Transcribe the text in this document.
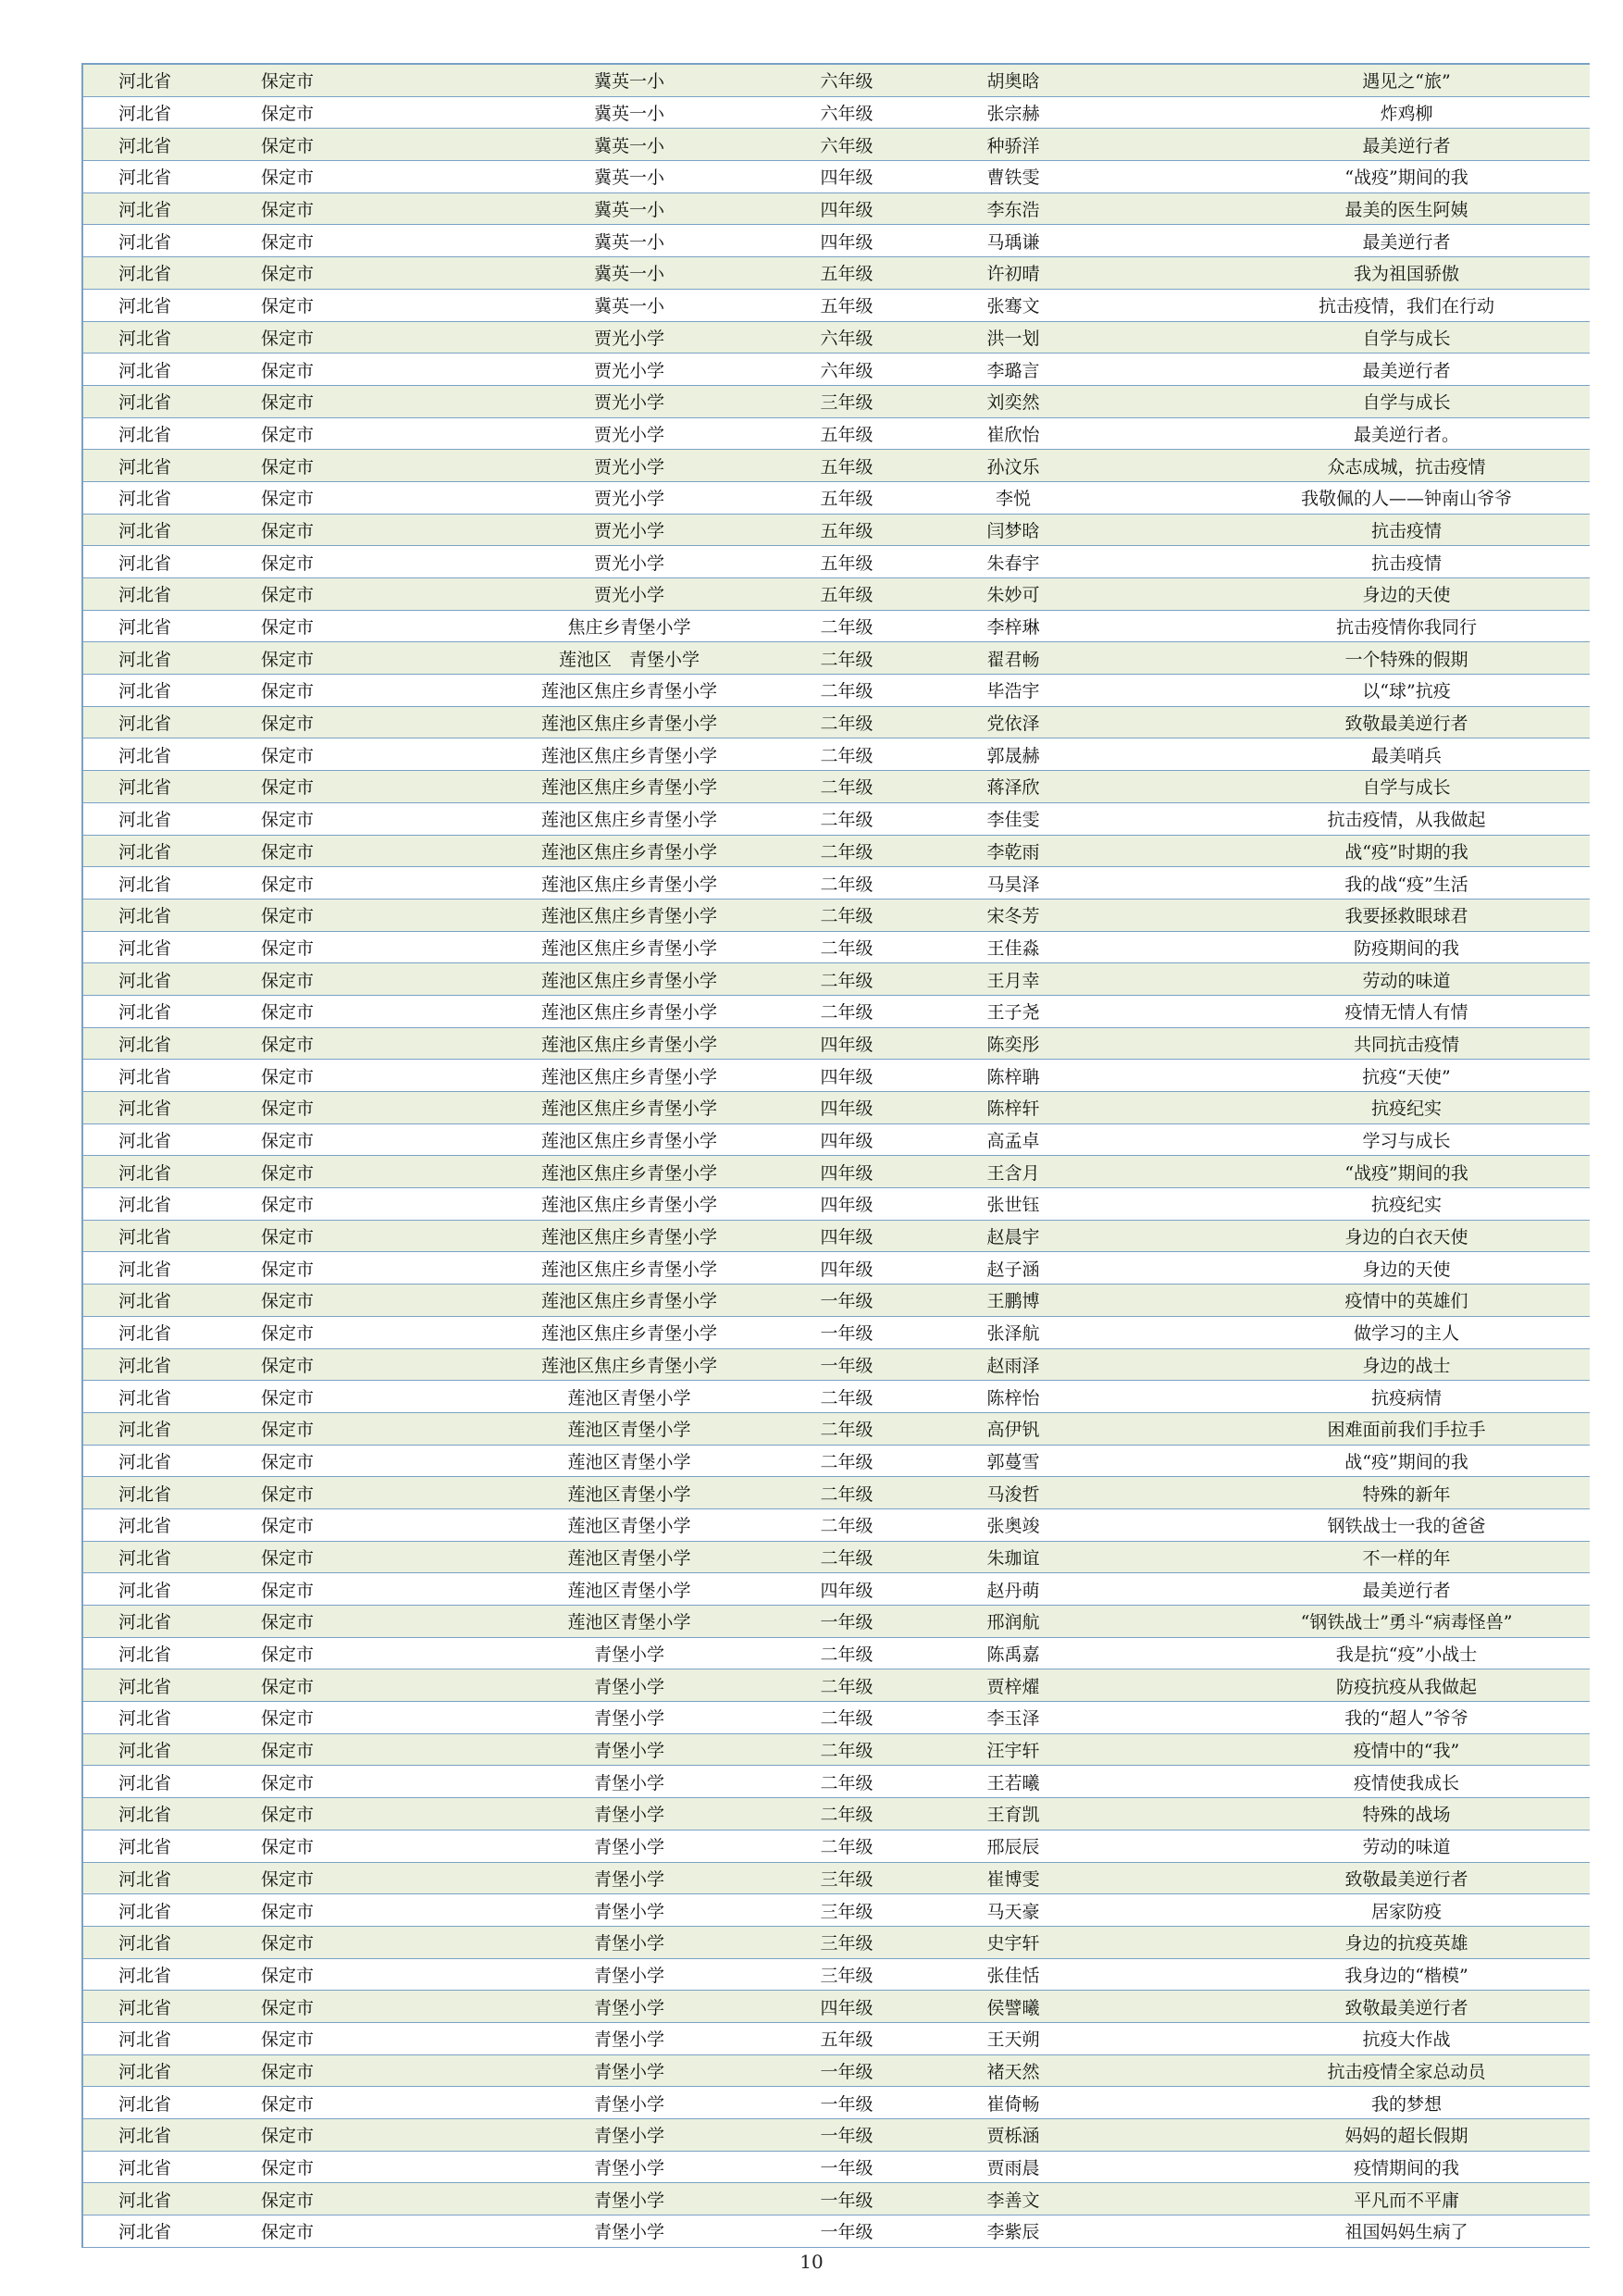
河北省	保定市	冀英一小	六年级	胡奥晗	遇见之“旅”
河北省	保定市	冀英一小	六年级	张宗赫	炸鸡柳
河北省	保定市	冀英一小	六年级	种骄洋	最美逆行者
河北省	保定市	冀英一小	四年级	曹铁雯	“战疫”期间的我
河北省	保定市	冀英一小	四年级	李东浩	最美的医生阿姨
河北省	保定市	冀英一小	四年级	马瑀谦	最美逆行者
河北省	保定市	冀英一小	五年级	许初晴	我为祖国骄傲
河北省	保定市	冀英一小	五年级	张骞文	抗击疫情，我们在行动
河北省	保定市	贾光小学	六年级	洪一划	自学与成长
河北省	保定市	贾光小学	六年级	李璐言	最美逆行者
河北省	保定市	贾光小学	三年级	刘奕然	自学与成长
河北省	保定市	贾光小学	五年级	崔欣怡	最美逆行者。
河北省	保定市	贾光小学	五年级	孙汶乐	众志成城，抗击疫情
河北省	保定市	贾光小学	五年级	李悦	我敬佩的人——钟南山爷爷
河北省	保定市	贾光小学	五年级	闫梦晗	抗击疫情
河北省	保定市	贾光小学	五年级	朱春宇	抗击疫情
河北省	保定市	贾光小学	五年级	朱妙可	身边的天使
河北省	保定市	焦庄乡青堡小学	二年级	李梓琳	抗击疫情你我同行
河北省	保定市	莲池区　青堡小学	二年级	翟君畅	一个特殊的假期
河北省	保定市	莲池区焦庄乡青堡小学	二年级	毕浩宇	以“球”抗疫
河北省	保定市	莲池区焦庄乡青堡小学	二年级	党依泽	致敬最美逆行者
河北省	保定市	莲池区焦庄乡青堡小学	二年级	郭晟赫	最美哨兵
河北省	保定市	莲池区焦庄乡青堡小学	二年级	蒋泽欣	自学与成长
河北省	保定市	莲池区焦庄乡青堡小学	二年级	李佳雯	抗击疫情，从我做起
河北省	保定市	莲池区焦庄乡青堡小学	二年级	李乾雨	战“疫”时期的我
河北省	保定市	莲池区焦庄乡青堡小学	二年级	马昊泽	我的战“疫”生活
河北省	保定市	莲池区焦庄乡青堡小学	二年级	宋冬芳	我要拯救眼球君
河北省	保定市	莲池区焦庄乡青堡小学	二年级	王佳淼	防疫期间的我
河北省	保定市	莲池区焦庄乡青堡小学	二年级	王月幸	劳动的味道
河北省	保定市	莲池区焦庄乡青堡小学	二年级	王子尧	疫情无情人有情
河北省	保定市	莲池区焦庄乡青堡小学	四年级	陈奕彤	共同抗击疫情
河北省	保定市	莲池区焦庄乡青堡小学	四年级	陈梓聃	抗疫“天使”
河北省	保定市	莲池区焦庄乡青堡小学	四年级	陈梓轩	抗疫纪实
河北省	保定市	莲池区焦庄乡青堡小学	四年级	高孟卓	学习与成长
河北省	保定市	莲池区焦庄乡青堡小学	四年级	王含月	“战疫”期间的我
河北省	保定市	莲池区焦庄乡青堡小学	四年级	张世钰	抗疫纪实
河北省	保定市	莲池区焦庄乡青堡小学	四年级	赵晨宇	身边的白衣天使
河北省	保定市	莲池区焦庄乡青堡小学	四年级	赵子涵	身边的天使
河北省	保定市	莲池区焦庄乡青堡小学	一年级	王鹏博	疫情中的英雄们
河北省	保定市	莲池区焦庄乡青堡小学	一年级	张泽航	做学习的主人
河北省	保定市	莲池区焦庄乡青堡小学	一年级	赵雨泽	身边的战士
河北省	保定市	莲池区青堡小学	二年级	陈梓怡	抗疫病情
河北省	保定市	莲池区青堡小学	二年级	高伊钒	困难面前我们手拉手
河北省	保定市	莲池区青堡小学	二年级	郭蔓雪	战“疫”期间的我
河北省	保定市	莲池区青堡小学	二年级	马浚哲	特殊的新年
河北省	保定市	莲池区青堡小学	二年级	张奥竣	钢铁战士一我的爸爸
河北省	保定市	莲池区青堡小学	二年级	朱珈谊	不一样的年
河北省	保定市	莲池区青堡小学	四年级	赵丹萌	最美逆行者
河北省	保定市	莲池区青堡小学	一年级	邢润航	“钢铁战士”勇斗“病毒怪兽”
河北省	保定市	青堡小学	二年级	陈禹嘉	我是抗“疫”小战士
河北省	保定市	青堡小学	二年级	贾梓燿	防疫抗疫从我做起
河北省	保定市	青堡小学	二年级	李玉泽	我的“超人”爷爷
河北省	保定市	青堡小学	二年级	汪宇轩	疫情中的“我”
河北省	保定市	青堡小学	二年级	王若曦	疫情使我成长
河北省	保定市	青堡小学	二年级	王育凯	特殊的战场
河北省	保定市	青堡小学	二年级	邢辰辰	劳动的味道
河北省	保定市	青堡小学	三年级	崔博雯	致敬最美逆行者
河北省	保定市	青堡小学	三年级	马天豪	居家防疫
河北省	保定市	青堡小学	三年级	史宇轩	身边的抗疫英雄
河北省	保定市	青堡小学	三年级	张佳恬	我身边的“楷模”
河北省	保定市	青堡小学	四年级	侯譬曦	致敬最美逆行者
河北省	保定市	青堡小学	五年级	王天朔	抗疫大作战
河北省	保定市	青堡小学	一年级	褚天然	抗击疫情全家总动员
河北省	保定市	青堡小学	一年级	崔倚畅	我的梦想
河北省	保定市	青堡小学	一年级	贾栎涵	妈妈的超长假期
河北省	保定市	青堡小学	一年级	贾雨晨	疫情期间的我
河北省	保定市	青堡小学	一年级	李善文	平凡而不平庸
河北省	保定市	青堡小学	一年级	李紫辰	祖国妈妈生病了
10
